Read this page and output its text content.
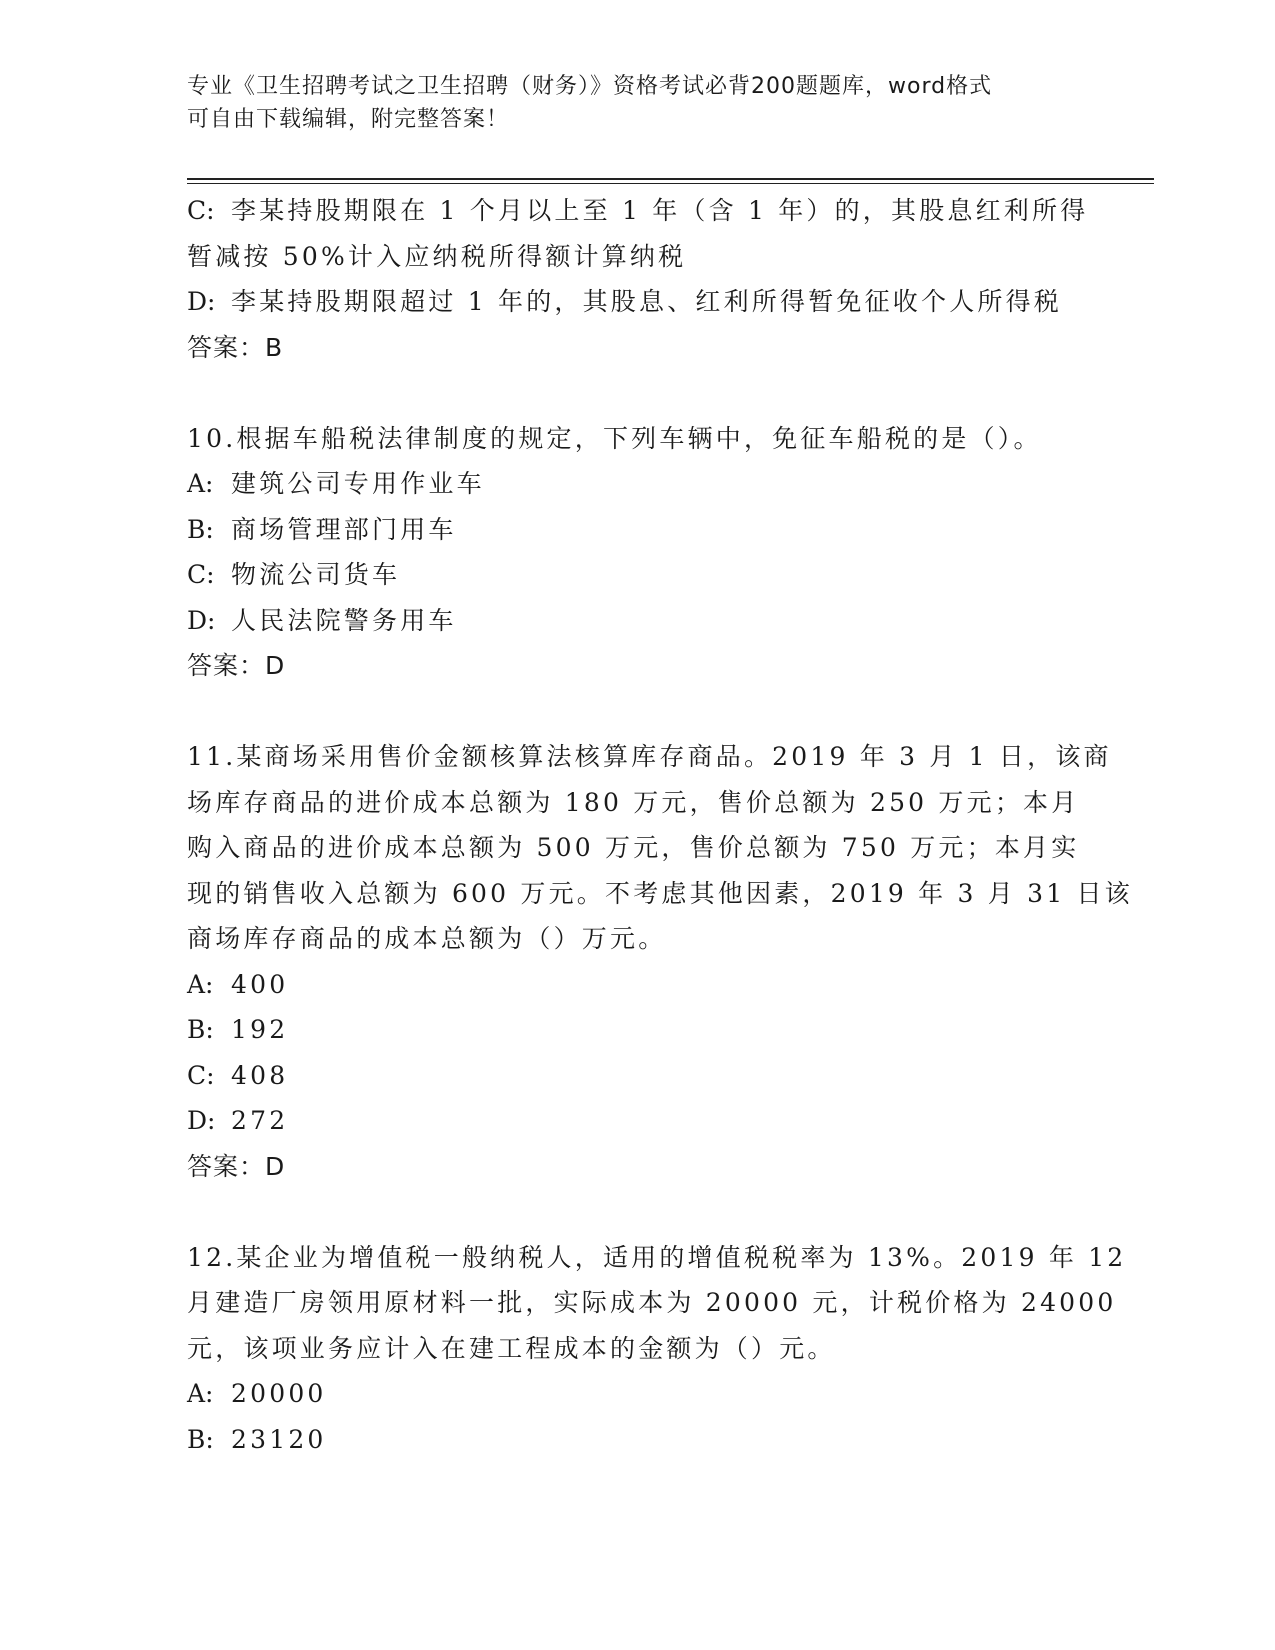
专业《卫生招聘考试之卫生招聘（财务）》资格考试必背200题题库，word格式
可自由下载编辑，附完整答案！
C: 李某持股期限在 1 个月以上至 1 年（含 1 年）的，其股息红利所得
暂减按 50%计入应纳税所得额计算纳税
D: 李某持股期限超过 1 年的，其股息、红利所得暂免征收个人所得税
答案：B
10.根据车船税法律制度的规定，下列车辆中，免征车船税的是（）。
A: 建筑公司专用作业车
B: 商场管理部门用车
C: 物流公司货车
D: 人民法院警务用车
答案：D
11.某商场采用售价金额核算法核算库存商品。2019 年 3 月 1 日，该商
场库存商品的进价成本总额为 180 万元，售价总额为 250 万元；本月
购入商品的进价成本总额为 500 万元，售价总额为 750 万元；本月实
现的销售收入总额为 600 万元。不考虑其他因素，2019 年 3 月 31 日该
商场库存商品的成本总额为（）万元。
A: 400
B: 192
C: 408
D: 272
答案：D
12.某企业为增值税一般纳税人，适用的增值税税率为 13%。2019 年 12
月建造厂房领用原材料一批，实际成本为 20000 元，计税价格为 24000
元，该项业务应计入在建工程成本的金额为（）元。
A: 20000
B: 23120
